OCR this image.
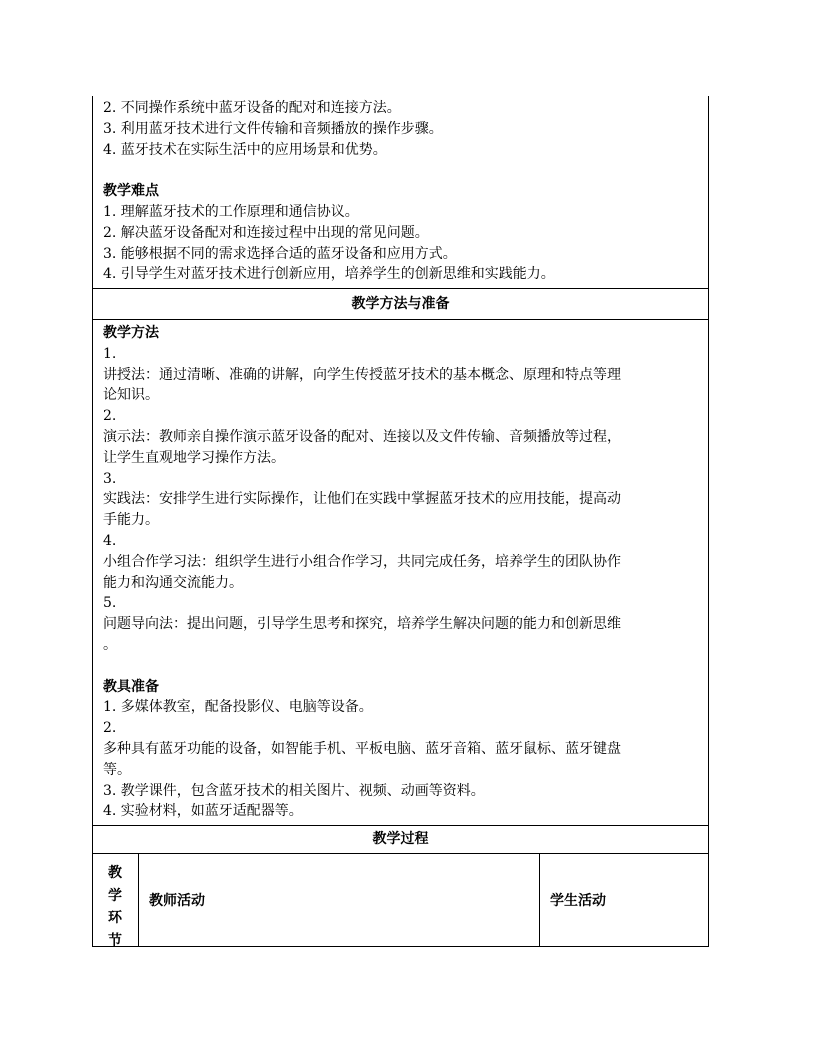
2. 不同操作系统中蓝牙设备的配对和连接方法。
3. 利用蓝牙技术进行文件传输和音频播放的操作步骤。
4. 蓝牙技术在实际生活中的应用场景和优势。
教学难点
1. 理解蓝牙技术的工作原理和通信协议。
2. 解决蓝牙设备配对和连接过程中出现的常见问题。
3. 能够根据不同的需求选择合适的蓝牙设备和应用方式。
4. 引导学生对蓝牙技术进行创新应用，培养学生的创新思维和实践能力。
教学方法与准备
教学方法
1.
讲授法：通过清晰、准确的讲解，向学生传授蓝牙技术的基本概念、原理和特点等理
论知识。
2.
演示法：教师亲自操作演示蓝牙设备的配对、连接以及文件传输、音频播放等过程，
让学生直观地学习操作方法。
3.
实践法：安排学生进行实际操作，让他们在实践中掌握蓝牙技术的应用技能，提高动
手能力。
4.
小组合作学习法：组织学生进行小组合作学习，共同完成任务，培养学生的团队协作
能力和沟通交流能力。
5.
问题导向法：提出问题，引导学生思考和探究，培养学生解决问题的能力和创新思维
。
教具准备
1. 多媒体教室，配备投影仪、电脑等设备。
2.
多种具有蓝牙功能的设备，如智能手机、平板电脑、蓝牙音箱、蓝牙鼠标、蓝牙键盘
等。
3. 教学课件，包含蓝牙技术的相关图片、视频、动画等资料。
4. 实验材料，如蓝牙适配器等。
教学过程
教
学
环
节
教师活动	学生活动
